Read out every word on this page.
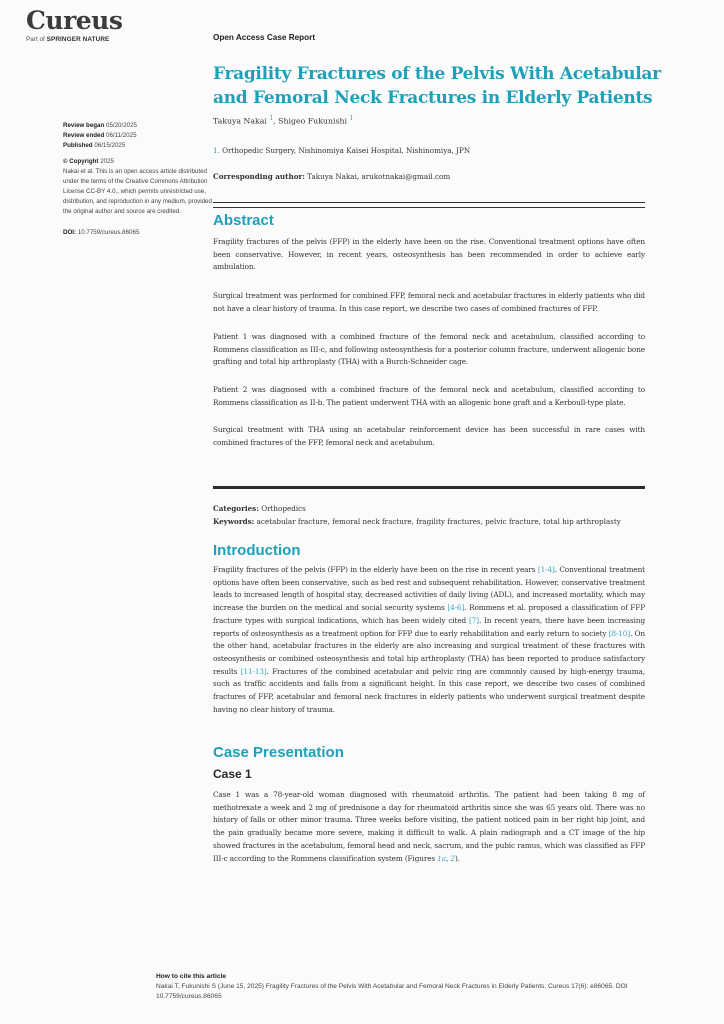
Cureus
Part of SPRINGER NATURE	Open Access Case Report
Fragility Fractures of the Pelvis With Acetabular and Femoral Neck Fractures in Elderly Patients
Takuya Nakai $^1$, Shigeo Fukunishi $^1$
1. Orthopedic Surgery, Nishinomiya Kaisei Hospital, Nishinomiya, JPN
Corresponding author: Takuya Nakai, arukotnakai@gmail.com
Review began 05/20/2025
Review ended 06/11/2025
Published 06/15/2025
© Copyright 2025
Nakai et al. This is an open access article distributed under the terms of the Creative Commons Attribution License CC-BY 4.0., which permits unrestricted use, distribution, and reproduction in any medium, provided the original author and source are credited.
DOI: 10.7759/cureus.86065
Abstract
Fragility fractures of the pelvis (FFP) in the elderly have been on the rise. Conventional treatment options have often been conservative. However, in recent years, osteosynthesis has been recommended in order to achieve early ambulation.
Surgical treatment was performed for combined FFP, femoral neck and acetabular fractures in elderly patients who did not have a clear history of trauma. In this case report, we describe two cases of combined fractures of FFP.
Patient 1 was diagnosed with a combined fracture of the femoral neck and acetabulum, classified according to Rommens classification as III-c, and following osteosynthesis for a posterior column fracture, underwent allogenic bone grafting and total hip arthroplasty (THA) with a Burch-Schneider cage.
Patient 2 was diagnosed with a combined fracture of the femoral neck and acetabulum, classified according to Rommens classification as II-b. The patient underwent THA with an allogenic bone graft and a Kerboull-type plate.
Surgical treatment with THA using an acetabular reinforcement device has been successful in rare cases with combined fractures of the FFP, femoral neck and acetabulum.
Categories: Orthopedics
Keywords: acetabular fracture, femoral neck fracture, fragility fractures, pelvic fracture, total hip arthroplasty
Introduction
Fragility fractures of the pelvis (FFP) in the elderly have been on the rise in recent years [1-4]. Conventional treatment options have often been conservative, such as bed rest and subsequent rehabilitation. However, conservative treatment leads to increased length of hospital stay, decreased activities of daily living (ADL), and increased mortality, which may increase the burden on the medical and social security systems [4-6]. Rommens et al. proposed a classification of FFP fracture types with surgical indications, which has been widely cited [7]. In recent years, there have been increasing reports of osteosynthesis as a treatment option for FFP due to early rehabilitation and early return to society [8-10]. On the other hand, acetabular fractures in the elderly are also increasing and surgical treatment of these fractures with osteosynthesis or combined osteosynthesis and total hip arthroplasty (THA) has been reported to produce satisfactory results [11-13]. Fractures of the combined acetabular and pelvic ring are commonly caused by high-energy trauma, such as traffic accidents and falls from a significant height. In this case report, we describe two cases of combined fractures of FFP, acetabular and femoral neck fractures in elderly patients who underwent surgical treatment despite having no clear history of trauma.
Case Presentation
Case 1
Case 1 was a 78-year-old woman diagnosed with rheumatoid arthritis. The patient had been taking 8 mg of methotrexate a week and 2 mg of prednisone a day for rheumatoid arthritis since she was 65 years old. There was no history of falls or other minor trauma. Three weeks before visiting, the patient noticed pain in her right hip joint, and the pain gradually became more severe, making it difficult to walk. A plain radiograph and a CT image of the hip showed fractures in the acetabulum, femoral head and neck, sacrum, and the pubic ramus, which was classified as FFP III-c according to the Rommens classification system (Figures 1a, 2).
How to cite this article
Nakai T, Fukunishi S (June 15, 2025) Fragility Fractures of the Pelvis With Acetabular and Femoral Neck Fractures in Elderly Patients. Cureus 17(6): e86065. DOI 10.7759/cureus.86065
